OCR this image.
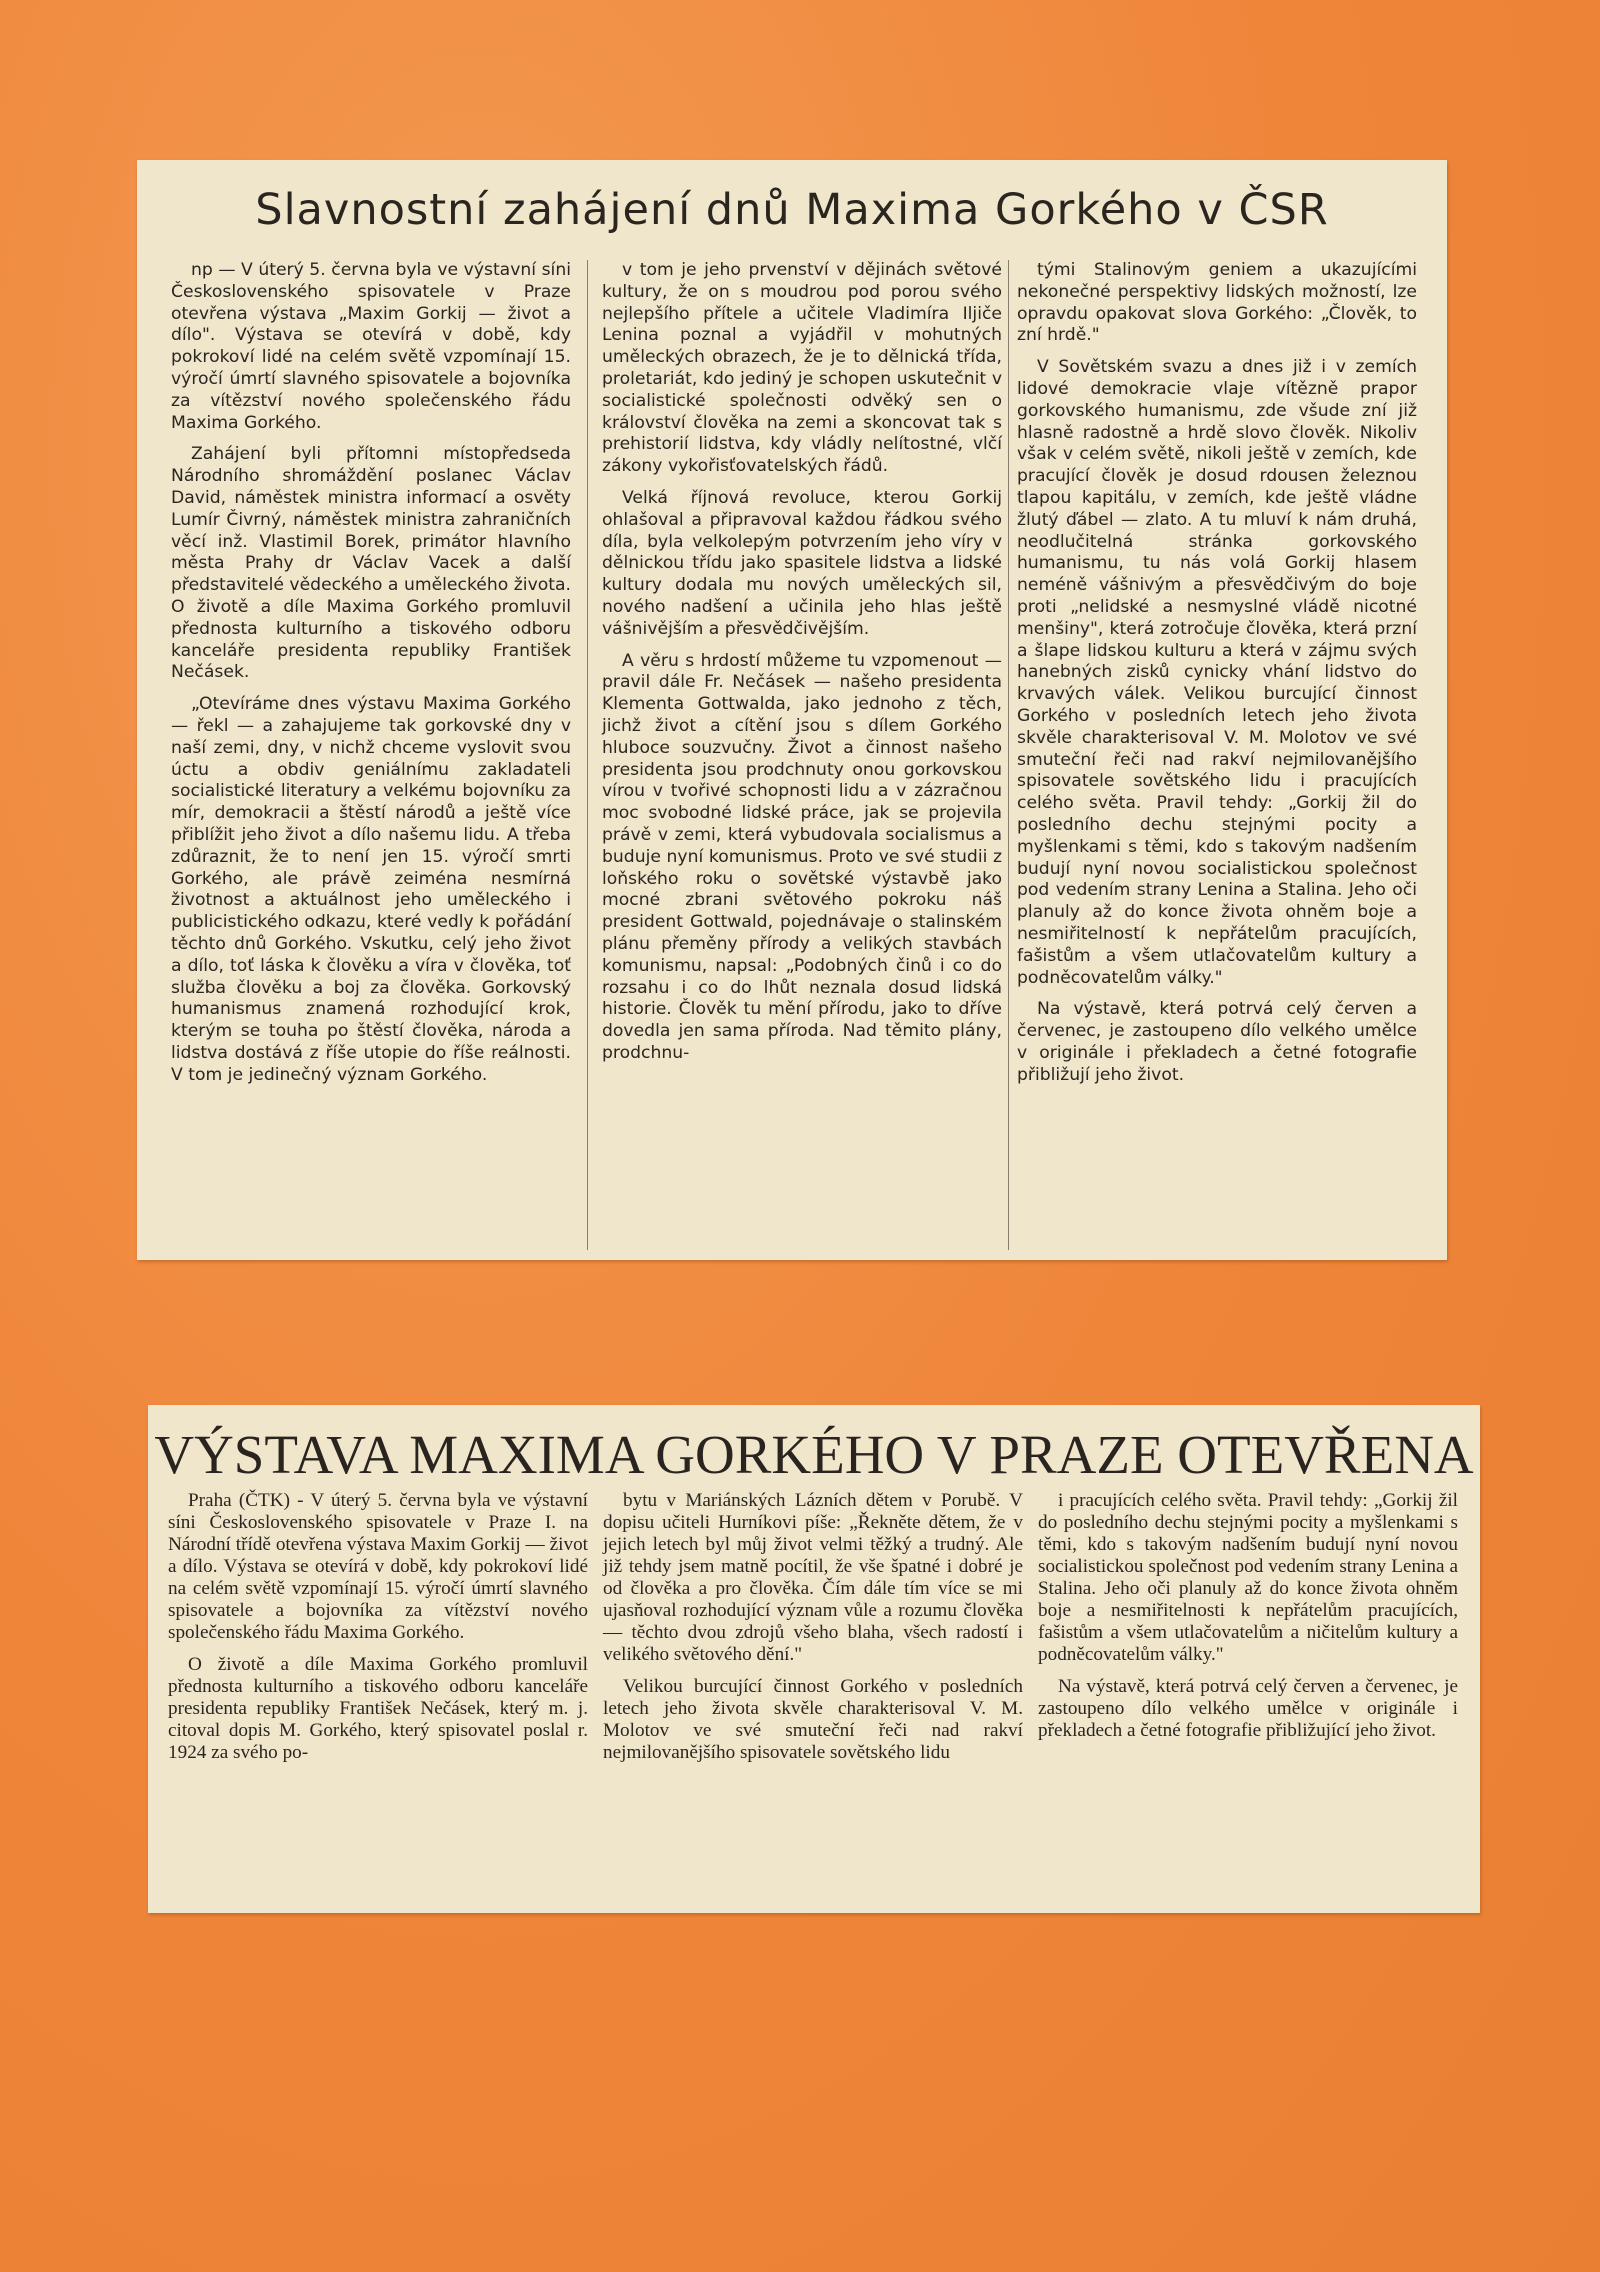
Slavnostní zahájení dnů Maxima Gorkého v ČSR

np — V úterý 5. června byla ve výstavní síni Československého spisovatele v Praze otevřena výstava „Maxim Gorkij — život a dílo". Výstava se otevírá v době, kdy pokrokoví lidé na celém světě vzpomínají 15. výročí úmrtí slavného spisovatele a bojovníka za vítězství nového společenského řádu Maxima Gorkého.

Zahájení byli přítomni místopředseda Národního shromáždění poslanec Václav David, náměstek ministra informací a osvěty Lumír Čivrný, náměstek ministra zahraničních věcí inž. Vlastimil Borek, primátor hlavního města Prahy dr Václav Vacek a další představitelé vědeckého a uměleckého života. O životě a díle Maxima Gorkého promluvil přednosta kulturního a tiskového odboru kanceláře presidenta republiky František Nečásek.

„Otevíráme dnes výstavu Maxima Gorkého — řekl — a zahajujeme tak gorkovské dny v naší zemi, dny, v nichž chceme vyslovit svou úctu a obdiv geniálnímu zakladateli socialistické literatury a velkému bojovníku za mír, demokracii a štěstí národů a ještě více přiblížit jeho život a dílo našemu lidu. A třeba zdůraznit, že to není jen 15. výročí smrti Gorkého, ale právě zeiména nesmírná životnost a aktuálnost jeho uměleckého i publicistického odkazu, které vedly k pořádání těchto dnů Gorkého. Vskutku, celý jeho život a dílo, toť láska k člověku a víra v člověka, toť služba člověku a boj za člověka. Gorkovský humanismus znamená rozhodující krok, kterým se touha po štěstí člověka, národa a lidstva dostává z říše utopie do říše reálnosti. V tom je jedinečný význam Gorkého.

v tom je jeho prvenství v dějinách světové kultury, že on s moudrou pod porou svého nejlepšího přítele a učitele Vladimíra Iljiče Lenina poznal a vyjádřil v mohutných uměleckých obrazech, že je to dělnická třída, proletariát, kdo jediný je schopen uskutečnit v socialistické společnosti odvěký sen o království člověka na zemi a skoncovat tak s prehistorií lidstva, kdy vládly nelítostné, vlčí zákony vykořisťovatelských řádů.

Velká říjnová revoluce, kterou Gorkij ohlašoval a připravoval každou řádkou svého díla, byla velkolepým potvrzením jeho víry v dělnickou třídu jako spasitele lidstva a lidské kultury dodala mu nových uměleckých sil, nového nadšení a učinila jeho hlas ještě vášnivějším a přesvědčivějším.

A věru s hrdostí můžeme tu vzpomenout — pravil dále Fr. Nečásek — našeho presidenta Klementa Gottwalda, jako jednoho z těch, jichž život a cítění jsou s dílem Gorkého hluboce souzvučny. Život a činnost našeho presidenta jsou prodchnuty onou gorkovskou vírou v tvořivé schopnosti lidu a v zázračnou moc svobodné lidské práce, jak se projevila právě v zemi, která vybudovala socialismus a buduje nyní komunismus. Proto ve své studii z loňského roku o sovětské výstavbě jako mocné zbrani světového pokroku náš president Gottwald, pojednávaje o stalinském plánu přeměny přírody a velikých stavbách komunismu, napsal: „Podobných činů i co do rozsahu i co do lhůt neznala dosud lidská historie. Člověk tu mění přírodu, jako to dříve dovedla jen sama příroda. Nad těmito plány, prodchnu-

tými Stalinovým geniem a ukazujícími nekonečné perspektivy lidských možností, lze opravdu opakovat slova Gorkého: „Člověk, to zní hrdě."

V Sovětském svazu a dnes již i v zemích lidové demokracie vlaje vítězně prapor gorkovského humanismu, zde všude zní již hlasně radostně a hrdě slovo člověk. Nikoliv však v celém světě, nikoli ještě v zemích, kde pracující člověk je dosud rdousen železnou tlapou kapitálu, v zemích, kde ještě vládne žlutý ďábel — zlato. A tu mluví k nám druhá, neodlučitelná stránka gorkovského humanismu, tu nás volá Gorkij hlasem neméně vášnivým a přesvědčivým do boje proti „nelidské a nesmyslné vládě nicotné menšiny", která zotročuje člověka, která przní a šlape lidskou kulturu a která v zájmu svých hanebných zisků cynicky vhání lidstvo do krvavých válek. Velikou burcující činnost Gorkého v posledních letech jeho života skvěle charakterisoval V. M. Molotov ve své smuteční řeči nad rakví nejmilovanějšího spisovatele sovětského lidu i pracujících celého světa. Pravil tehdy: „Gorkij žil do posledního dechu stejnými pocity a myšlenkami s těmi, kdo s takovým nadšením budují nyní novou socialistickou společnost pod vedením strany Lenina a Stalina. Jeho oči planuly až do konce života ohněm boje a nesmiřitelností k nepřátelům pracujících, fašistům a všem utlačovatelům kultury a podněcovatelům války."

Na výstavě, která potrvá celý červen a červenec, je zastoupeno dílo velkého umělce v originále i překladech a četné fotografie přibližují jeho život.

VÝSTAVA MAXIMA GORKÉHO V PRAZE OTEVŘENA

Praha (ČTK) - V úterý 5. června byla ve výstavní síni Československého spisovatele v Praze I. na Národní třídě otevřena výstava Maxim Gorkij — život a dílo. Výstava se otevírá v době, kdy pokrokoví lidé na celém světě vzpomínají 15. výročí úmrtí slavného spisovatele a bojovníka za vítězství nového společenského řádu Maxima Gorkého.

O životě a díle Maxima Gorkého promluvil přednosta kulturního a tiskového odboru kanceláře presidenta republiky František Nečásek, který m. j. citoval dopis M. Gorkého, který spisovatel poslal r. 1924 za svého po-

bytu v Mariánských Lázních dětem v Porubě. V dopisu učiteli Hurníkovi píše: „Řekněte dětem, že v jejich letech byl můj život velmi těžký a trudný. Ale již tehdy jsem matně pocítil, že vše špatné i dobré je od člověka a pro člověka. Čím dále tím více se mi ujasňoval rozhodující význam vůle a rozumu člověka — těchto dvou zdrojů všeho blaha, všech radostí i velikého světového dění."

Velikou burcující činnost Gorkého v posledních letech jeho života skvěle charakterisoval V. M. Molotov ve své smuteční řeči nad rakví nejmilovanějšího spisovatele sovětského lidu

i pracujících celého světa. Pravil tehdy: „Gorkij žil do posledního dechu stejnými pocity a myšlenkami s těmi, kdo s takovým nadšením budují nyní novou socialistickou společnost pod vedením strany Lenina a Stalina. Jeho oči planuly až do konce života ohněm boje a nesmiřitelnosti k nepřátelům pracujících, fašistům a všem utlačovatelům a ničitelům kultury a podněcovatelům války."

Na výstavě, která potrvá celý červen a červenec, je zastoupeno dílo velkého umělce v originále i překladech a četné fotografie přibližující jeho život.
